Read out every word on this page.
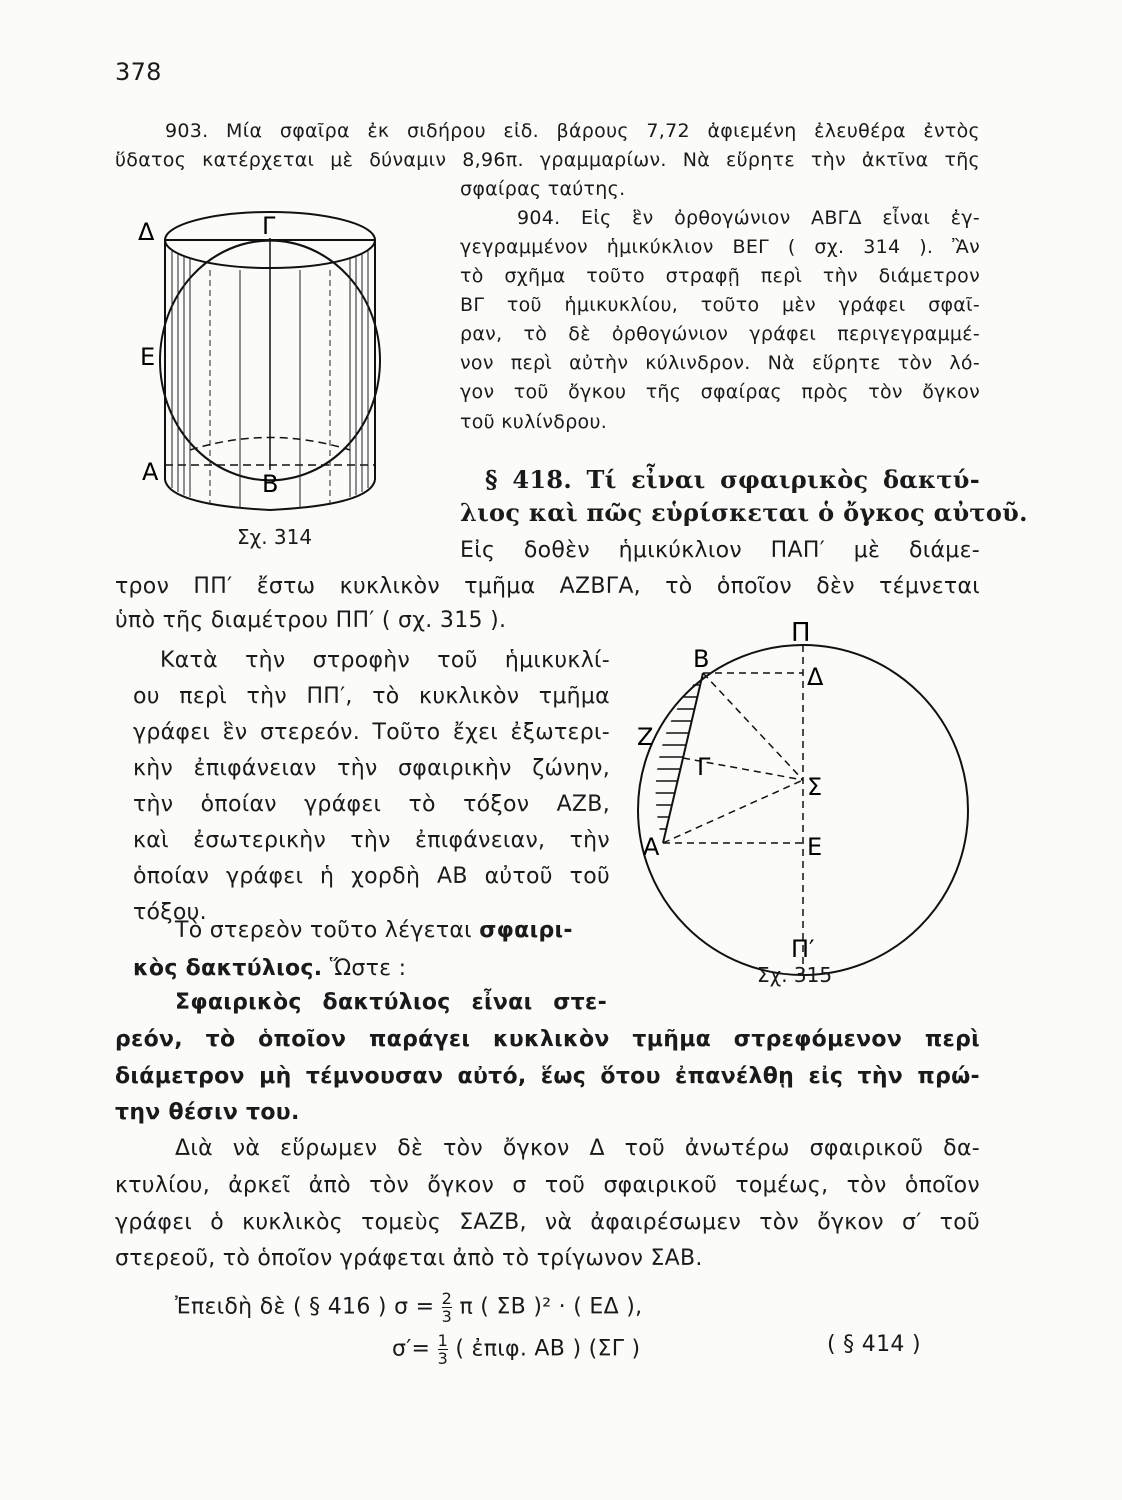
378
903. Μία σφαῖρα ἐκ σιδήρου εἰδ. βάρους 7,72 ἀφιεμένη ἐλευθέρα ἐντὸς
ὕδατος κατέρχεται μὲ δύναμιν 8,96π. γραμμαρίων. Νὰ εὕρητε τὴν ἀκτῖνα τῆς
σφαίρας ταύτης.
904. Εἰς ἓν ὀρθογώνιον ΑΒΓΔ εἶναι ἐγ-
γεγραμμένον ἡμικύκλιον ΒΕΓ ( σχ. 314 ). Ἂν
τὸ σχῆμα τοῦτο στραφῇ περὶ τὴν διάμετρον
ΒΓ τοῦ ἡμικυκλίου, τοῦτο μὲν γράφει σφαῖ-
ραν, τὸ δὲ ὀρθογώνιον γράφει περιγεγραμμέ-
νον περὶ αὐτὴν κύλινδρον. Νὰ εὕρητε τὸν λό-
γον τοῦ ὄγκου τῆς σφαίρας πρὸς τὸν ὄγκον
τοῦ κυλίνδρου.
Δ	Γ
Ε
Α	Β
Σχ. 314
§ 418. Τί εἶναι σφαιρικὸς δακτύ-
λιος καὶ πῶς εὑρίσκεται ὁ ὄγκος αὐτοῦ.
Εἰς δοθὲν ἡμικύκλιον ΠΑΠ′ μὲ διάμε-
τρον ΠΠ′ ἔστω κυκλικὸν τμῆμα ΑΖΒΓΑ, τὸ ὁποῖον δὲν τέμνεται
ὑπὸ τῆς διαμέτρου ΠΠ′ ( σχ. 315 ).
Κατὰ τὴν στροφὴν τοῦ ἡμικυκλί-
ου περὶ τὴν ΠΠ′, τὸ κυκλικὸν τμῆμα
γράφει ἓν στερεόν. Τοῦτο ἔχει ἐξωτερι-
κὴν ἐπιφάνειαν τὴν σφαιρικὴν ζώνην,
τὴν ὁποίαν γράφει τὸ τόξον ΑΖΒ,
καὶ ἐσωτερικὴν τὴν ἐπιφάνειαν, τὴν
ὁποίαν γράφει ἡ χορδὴ ΑΒ αὐτοῦ τοῦ
τόξου.
Τὸ στερεὸν τοῦτο λέγεται σφαιρι-
κὸς δακτύλιος. Ὥστε :
Π
Β
Δ
Ζ
Γ
Σ
Α	Ε
Π′
Σχ. 315
Σφαιρικὸς δακτύλιος εἶναι στε-
ρεόν, τὸ ὁποῖον παράγει κυκλικὸν τμῆμα στρεφόμενον περὶ
διάμετρον μὴ τέμνουσαν αὐτό, ἕως ὅτου ἐπανέλθῃ εἰς τὴν πρώ-
την θέσιν του.
Διὰ νὰ εὕρωμεν δὲ τὸν ὄγκον Δ τοῦ ἀνωτέρω σφαιρικοῦ δα-
κτυλίου, ἀρκεῖ ἀπὸ τὸν ὄγκον σ τοῦ σφαιρικοῦ τομέως, τὸν ὁποῖον
γράφει ὁ κυκλικὸς τομεὺς ΣΑΖΒ, νὰ ἀφαιρέσωμεν τὸν ὄγκον σ′ τοῦ
στερεοῦ, τὸ ὁποῖον γράφεται ἀπὸ τὸ τρίγωνον ΣΑΒ.
Ἐπειδὴ δὲ ( § 416 ) $\sigma = \frac{2}{3}$ π ( ΣΒ )² · ( ΕΔ ),
$\sigma'= \frac{1}{3}$ ( ἐπιφ. ΑΒ ) (ΣΓ )	( § 414 )
